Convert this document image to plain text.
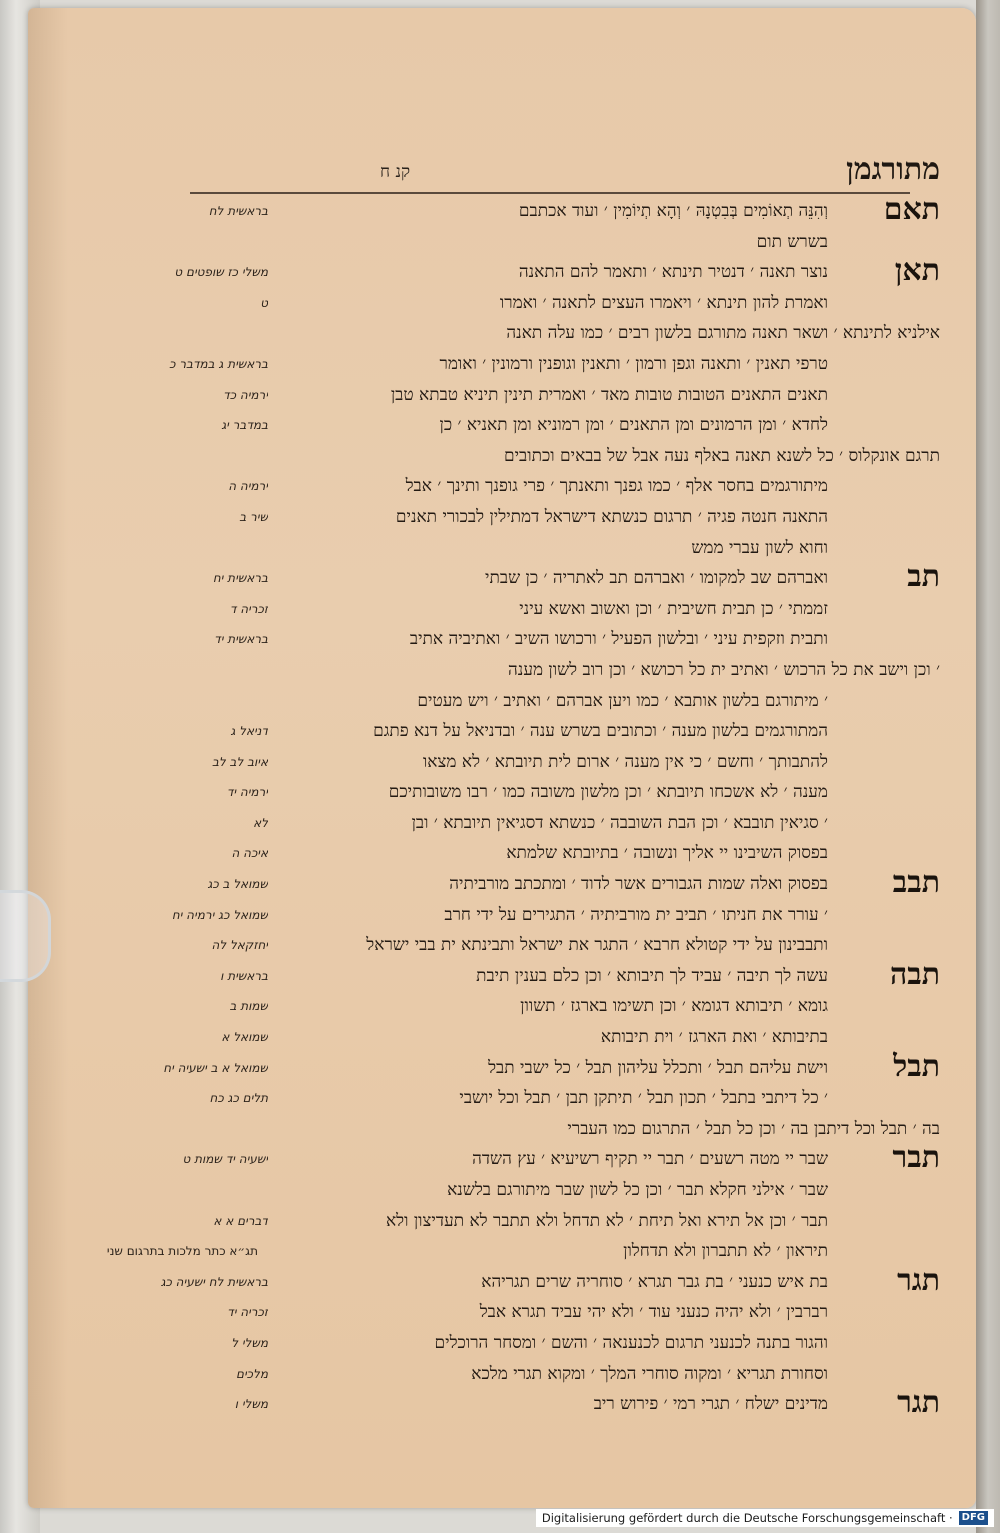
מתורגמן
קנ ח
תאם
וְהִנֵּה תְאוֹמִים בְּבִטְנָהּ ׳ וְהָא תְיוֹמִין ׳ ועוד אכתבם
בראשית לח
בשרש תום
תאן
נוצר תאנה ׳ דנטיר תינתא ׳ ותאמר להם התאנה
משלי כז שופטים ט
ואמרת להון תינתא ׳ ויאמרו העצים לתאנה ׳ ואמרו
ט
אילניא לתינתא ׳ ושאר תאנה מתורגם בלשון רבים ׳ כמו עלה תאנה
טרפי תאנין ׳ ותאנה וגפן ורמון ׳ ותאנין וגופנין ורמונין ׳ ואומר
בראשית ג במדבר כ
תאנים התאנים הטובות טובות מאד ׳ ואמרית תינין תיניא טבתא טבן
ירמיה כד
לחדא ׳ ומן הרמונים ומן התאנים ׳ ומן רמוניא ומן תאניא ׳ כן
במדבר יג
תרגם אונקלוס ׳ כל לשנא תאנה באלף נעה אבל של בבאים וכתובים
מיתורגמים בחסר אלף ׳ כמו גפנך ותאנתך ׳ פרי גופנך ותינך ׳ אבל
ירמיה ה
התאנה חנטה פגיה ׳ תרגום כנשתא דישראל דמתילין לבכורי תאנים
שיר ב
וחוא לשון עברי ממש
תב
ואברהם שב למקומו ׳ ואברהם תב לאתריה ׳ כן שבתי
בראשית יח
זממתי ׳ כן תבית חשיבית ׳ וכן ואשוב ואשא עיני
זכריה ד
ותבית וזקפית עיני ׳ ובלשון הפעיל ׳ ורכושו השיב ׳ ואתיביה אתיב
בראשית יד
׳ וכן וישב את כל הרכוש ׳ ואתיב ית כל רכושא ׳ וכן רוב לשון מענה
׳ מיתורגם בלשון אותבא ׳ כמו ויען אברהם ׳ ואתיב ׳ ויש מעטים
המתורגמים בלשון מענה ׳ וכתובים בשרש ענה ׳ ובדניאל על דנא פתגם
דניאל ג
להתבותך ׳ וחשם ׳ כי אין מענה ׳ ארום לית תיובתא ׳ לא מצאו
איוב לב לב
מענה ׳ לא אשכחו תיובתא ׳ וכן מלשון משובה כמו ׳ רבו משובותיכם
ירמיה יד
׳ סגיאין תובבא ׳ וכן הבת השובבה ׳ כנשתא דסגיאין תיובתא ׳ ובן
לא
בפסוק השיבינו יי אליך ונשובה ׳ בתיובתא שלמתא
איכה ה
תבב
בפסוק ואלה שמות הגבורים אשר לדוד ׳ ומתכתב מורביתיה
שמואל ב כג
׳ עורר את חניתו ׳ תביב ית מורביתיה ׳ התגירים על ידי חרב
שמואל כג ירמיה יח
ותבבינון על ידי קטולא חרבא ׳ התגר את ישראל ותבינתא ית בבי ישראל
יחזקאל לה
תבה
עשה לך תיבה ׳ עביד לך תיבותא ׳ וכן כלם בענין תיבת
בראשית ו
גומא ׳ תיבותא דגומא ׳ וכן תשימו בארגז ׳ תשוון
שמות ב
בתיבותא ׳ ואת הארגז ׳ וית תיבותא
שמואל א
תבל
וישת עליהם תבל ׳ ותכלל עליהון תבל ׳ כל ישבי תבל
שמואל א ב ישעיה יח
׳ כל דיתבי בתבל ׳ תכון תבל ׳ תיתקן תבן ׳ תבל וכל יושבי
תלים כג כח
בה ׳ תבל וכל דיתבן בה ׳ וכן כל תבל ׳ התרגום כמו העברי
תבר
שבר יי מטה רשעים ׳ תבר יי תקיף רשיעיא ׳ עץ השדה
ישעיה יד שמות ט
שבר ׳ אילני חקלא תבר ׳ וכן כל לשון שבר מיתורגם בלשנא
תבר ׳ וכן אל תירא ואל תיחת ׳ לא תדחל ולא תתבר לא תעדיצון ולא
דברים א א
תיראון ׳ לא תתברון ולא תדחלון
תג״א כתר מלכות בתרגום שני
תגר
בת איש כנעני ׳ בת גבר תגרא ׳ סוחריה שרים תגריהא
בראשית לח ישעיה כג
רברבין ׳ ולא יהיה כנעני עוד ׳ ולא יהי עביד תגרא אבל
זכריה יד
והגור בתנה לכנעני תרגום לכנענאה ׳ והשם ׳ ומסחר הרוכלים
משלי ל
וסחורת תגריא ׳ ומקוה סוחרי המלך ׳ ומקוא תגרי מלכא
מלכים
תגר
מדינים ישלח ׳ תגרי רמי ׳ פירוש ריב
משלי ו
Digitalisierung gefördert durch die Deutsche Forschungsgemeinschaft · DFG
